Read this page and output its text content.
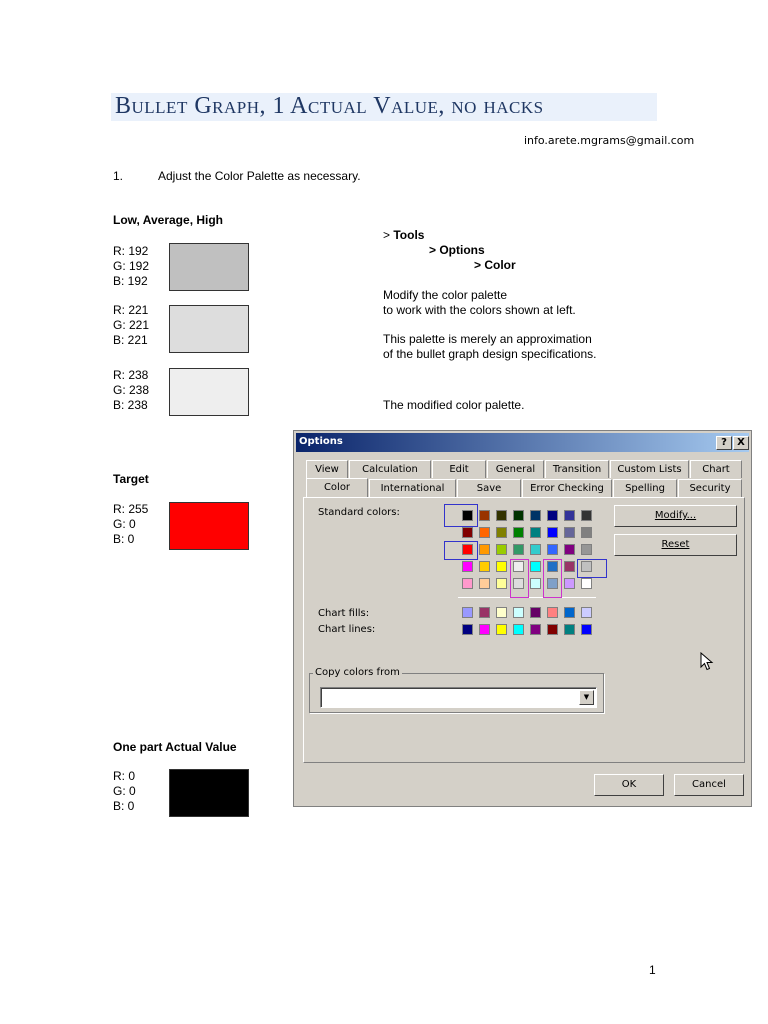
Bullet Graph, 1 Actual Value, no hacks
info.arete.mgrams@gmail.com
1.	Adjust the Color Palette as necessary.
Low, Average, High
R: 192
G: 192
B: 192
R: 221
G: 221
B: 221
R: 238
G: 238
B: 238
Target
R: 255
G: 0
B: 0
One part Actual Value
R: 0
G: 0
B: 0
> Tools
> Options
> Color
Modify the color palette
to work with the colors shown at left.
This palette is merely an approximation
of the bullet graph design specifications.
The modified color palette.
Options	?	X
View	Calculation	Edit	General	Transition	Custom Lists	Chart
Color	International	Save	Error Checking	Spelling	Security
Standard colors:
Chart fills:
Chart lines:
Modify...
Reset
Copy colors from
▼
OK	Cancel
1
